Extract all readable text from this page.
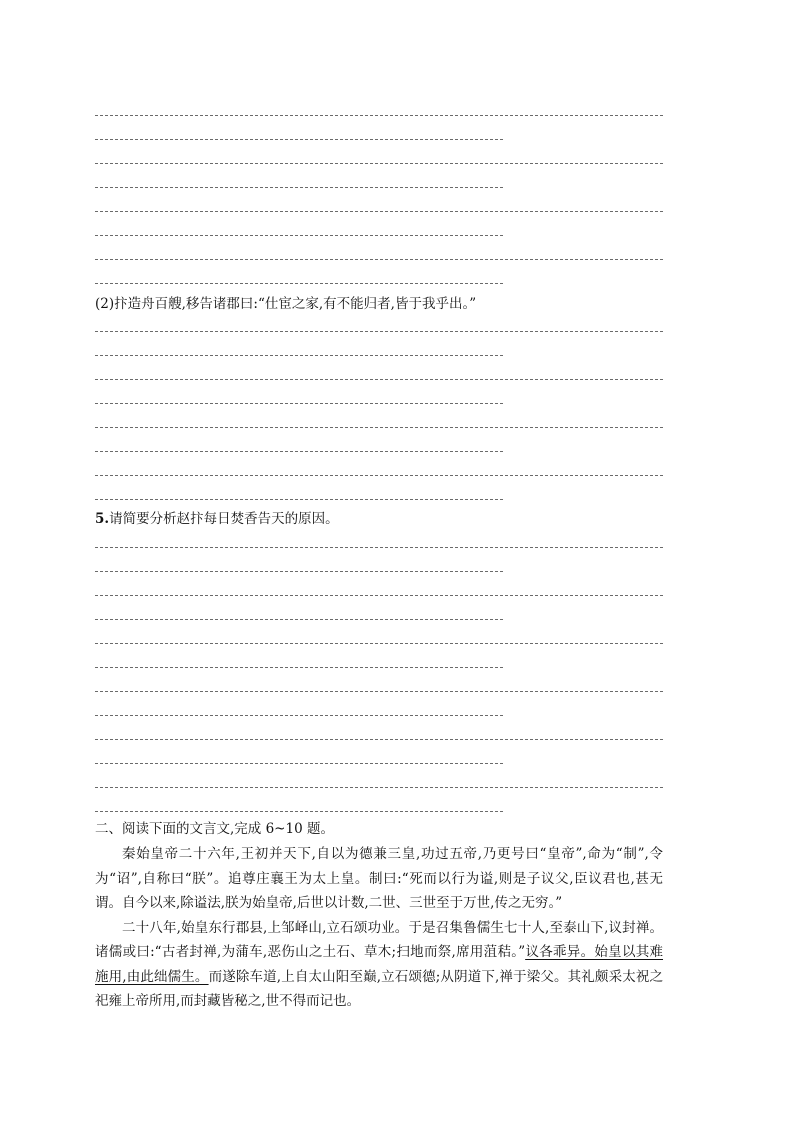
(2)抃造舟百艘,移告诸郡曰:“仕宦之家,有不能归者,皆于我乎出。”
5.请简要分析赵抃每日焚香告天的原因。
二、阅读下面的文言文,完成 6~10 题。

秦始皇帝二十六年,王初并天下,自以为德兼三皇,功过五帝,乃更号曰“皇帝”,命为“制”,令为“诏”,自称曰“朕”。追尊庄襄王为太上皇。制曰:“死而以行为谥,则是子议父,臣议君也,甚无谓。自今以来,除谥法,朕为始皇帝,后世以计数,二世、三世至于万世,传之无穷。”

二十八年,始皇东行郡县,上邹峄山,立石颂功业。于是召集鲁儒生七十人,至泰山下,议封禅。诸儒或曰:“古者封禅,为蒲车,恶伤山之土石、草木;扫地而祭,席用菹秸。”议各乖异。始皇以其难施用,由此绌儒生。而遂除车道,上自太山阳至巅,立石颂德;从阴道下,禅于梁父。其礼颇采太祝之祀雍上帝所用,而封藏皆秘之,世不得而记也。
